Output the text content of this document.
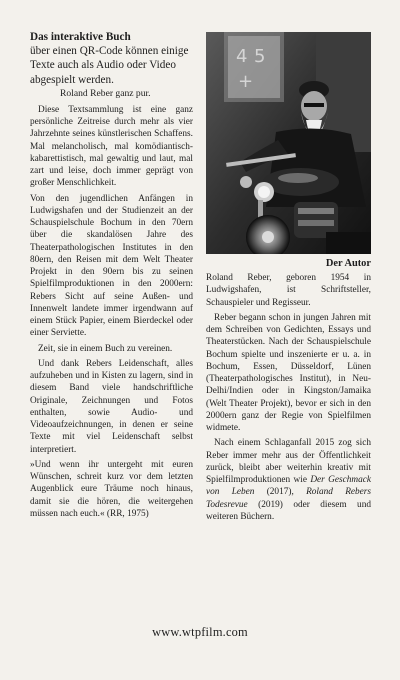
Das interaktive Buch

über einen QR-Code können einige Texte auch als Audio oder Video abgespielt werden.

Roland Reber ganz pur.

Diese Textsammlung ist eine ganz persönliche Zeitreise durch mehr als vier Jahrzehnte seines künstlerischen Schaffens. Mal melancholisch, mal komödiantisch-kabarettistisch, mal gewaltig und laut, mal zart und leise, doch immer geprägt von großer Menschlichkeit.

Von den jugendlichen Anfängen in Ludwigshafen und der Studienzeit an der Schauspielschule Bochum in den 70ern über die skandalösen Jahre des Theaterpathologischen Institutes in den 80ern, den Reisen mit dem Welt Theater Projekt in den 90ern bis zu seinen Spielfilmproduktionen in den 2000ern: Rebers Sicht auf seine Außen- und Innenwelt landete immer irgendwann auf einem Stück Papier, einem Bierdeckel oder einer Serviette.

Zeit, sie in einem Buch zu vereinen.

Und dank Rebers Leidenschaft, alles aufzuheben und in Kisten zu lagern, sind in diesem Band viele handschriftliche Originale, Zeichnungen und Fotos enthalten, sowie Audio- und Videoaufzeichnungen, in denen er seine Texte mit viel Leidenschaft selbst interpretiert.

»Und wenn ihr untergeht mit euren Wünschen, schreit kurz vor dem letzten Augenblick eure Träume noch hinaus, damit sie die hören, die weitergehen müssen nach euch.« (RR, 1975)

4 5
+

Der Autor

Roland Reber, geboren 1954 in Ludwigshafen, ist Schriftsteller, Schauspieler und Regisseur.

Reber begann schon in jungen Jahren mit dem Schreiben von Gedichten, Essays und Theaterstücken. Nach der Schauspielschule Bochum spielte und inszenierte er u. a. in Bochum, Essen, Düsseldorf, Lünen (Theaterpathologisches Institut), in Neu-Delhi/Indien oder in Kingston/Jamaika (Welt Theater Projekt), bevor er sich in den 2000ern ganz der Regie von Spielfilmen widmete.

Nach einem Schlaganfall 2015 zog sich Reber immer mehr aus der Öffentlichkeit zurück, bleibt aber weiterhin kreativ mit Spielfilmproduktionen wie Der Geschmack von Leben (2017), Roland Rebers Todesrevue (2019) oder diesem und weiteren Büchern.

www.wtpfilm.com
